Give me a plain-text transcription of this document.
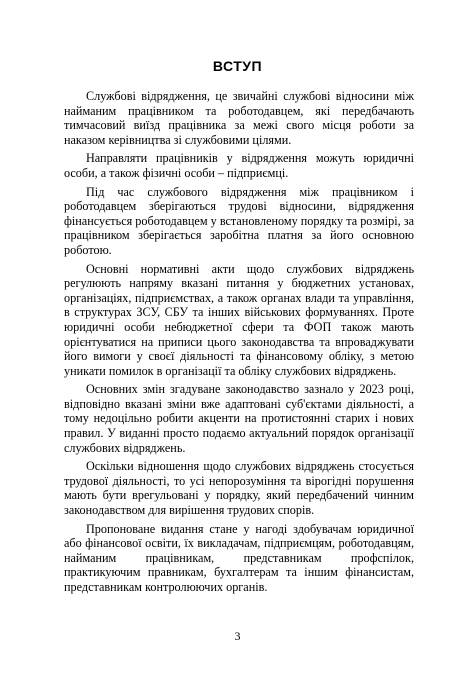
ВСТУП

Службові відрядження, це звичайні службові відносини між найманим працівником та роботодавцем, які передбачають тимчасовий виїзд працівника за межі свого місця роботи за наказом керівництва зі службовими цілями.

Направляти працівників у відрядження можуть юридичні особи, а також фізичні особи – підприємці.

Під час службового відрядження між працівником і роботодавцем зберігаються трудові відносини, відрядження фінансується роботодавцем у встановленому порядку та розмірі, за працівником зберігається заробітна платня за його основною роботою.

Основні нормативні акти щодо службових відряджень регулюють напряму вказані питання у бюджетних установах, організаціях, підприємствах, а також органах влади та управління, в структурах ЗСУ, СБУ та інших військових формуваннях. Проте юридичні особи небюджетної сфери та ФОП також мають орієнтуватися на приписи цього законодавства та впроваджувати його вимоги у своєї діяльності та фінансовому обліку, з метою уникати помилок в організації та обліку службових відряджень.

Основних змін згадуване законодавство зазнало у 2023 році, відповідно вказані зміни вже адаптовані суб'єктами діяльності, а тому недоцільно робити акценти на протистоянні старих і нових правил. У виданні просто подаємо актуальний порядок організації службових відряджень.

Оскільки відношення щодо службових відряджень стосується трудової діяльності, то усі непорозуміння та вірогідні порушення мають бути врегульовані у порядку, який передбачений чинним законодавством для вирішення трудових спорів.

Пропоноване видання стане у нагоді здобувачам юридичної або фінансової освіти, їх викладачам, підприємцям, роботодавцям, найманим працівникам, представникам профспілок, практикуючим правникам, бухгалтерам та іншим фінансистам, представникам контролюючих органів.

3
